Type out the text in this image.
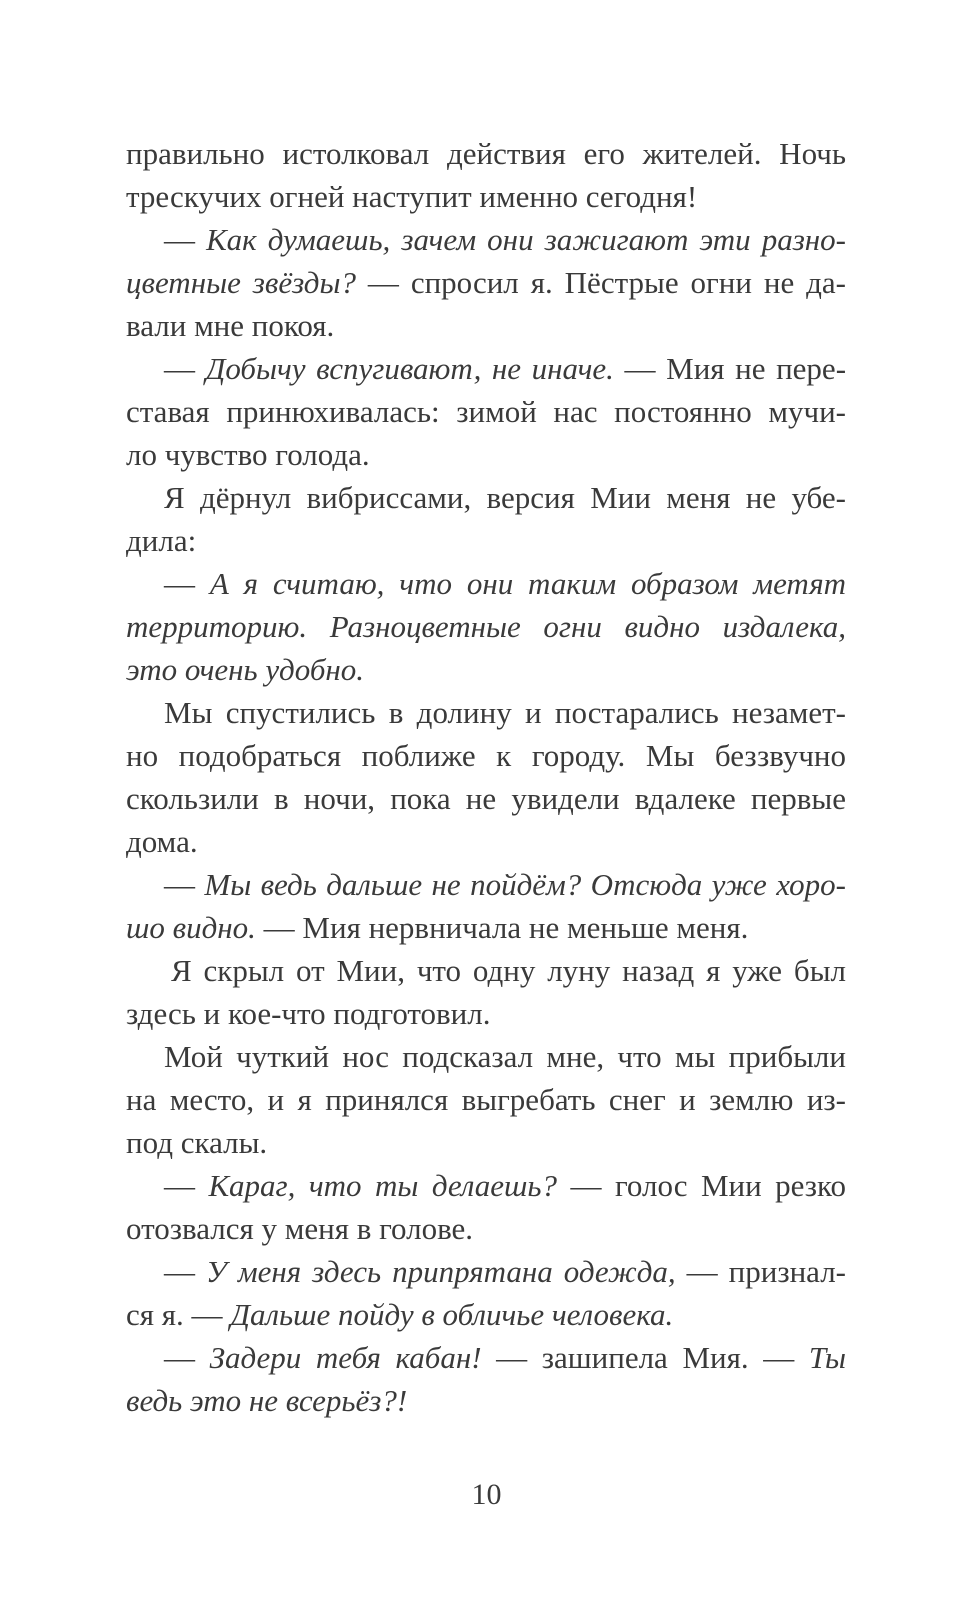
правильно истолковал действия его жителей. Ночь
трескучих огней наступит именно сегодня!
— Как думаешь, зачем они зажигают эти разно-
цветные звёзды? — спросил я. Пёстрые огни не да-
вали мне покоя.
— Добычу вспугивают, не иначе. — Мия не пере-
ставая принюхивалась: зимой нас постоянно мучи-
ло чувство голода.
Я дёрнул вибриссами, версия Мии меня не убе-
дила:
— А я считаю, что они таким образом метят
территорию. Разноцветные огни видно издалека,
это очень удобно.
Мы спустились в долину и постарались незамет-
но подобраться поближе к городу. Мы беззвучно
скользили в ночи, пока не увидели вдалеке первые
дома.
— Мы ведь дальше не пойдём? Отсюда уже хоро-
шо видно. — Мия нервничала не меньше меня.
Я скрыл от Мии, что одну луну назад я уже был
здесь и кое-что подготовил.
Мой чуткий нос подсказал мне, что мы прибыли
на место, и я принялся выгребать снег и землю из-
под скалы.
— Караг, что ты делаешь? — голос Мии резко
отозвался у меня в голове.
— У меня здесь припрятана одежда, — признал-
ся я. — Дальше пойду в обличье человека.
— Задери тебя кабан! — зашипела Мия. — Ты
ведь это не всерьёз?!
10
